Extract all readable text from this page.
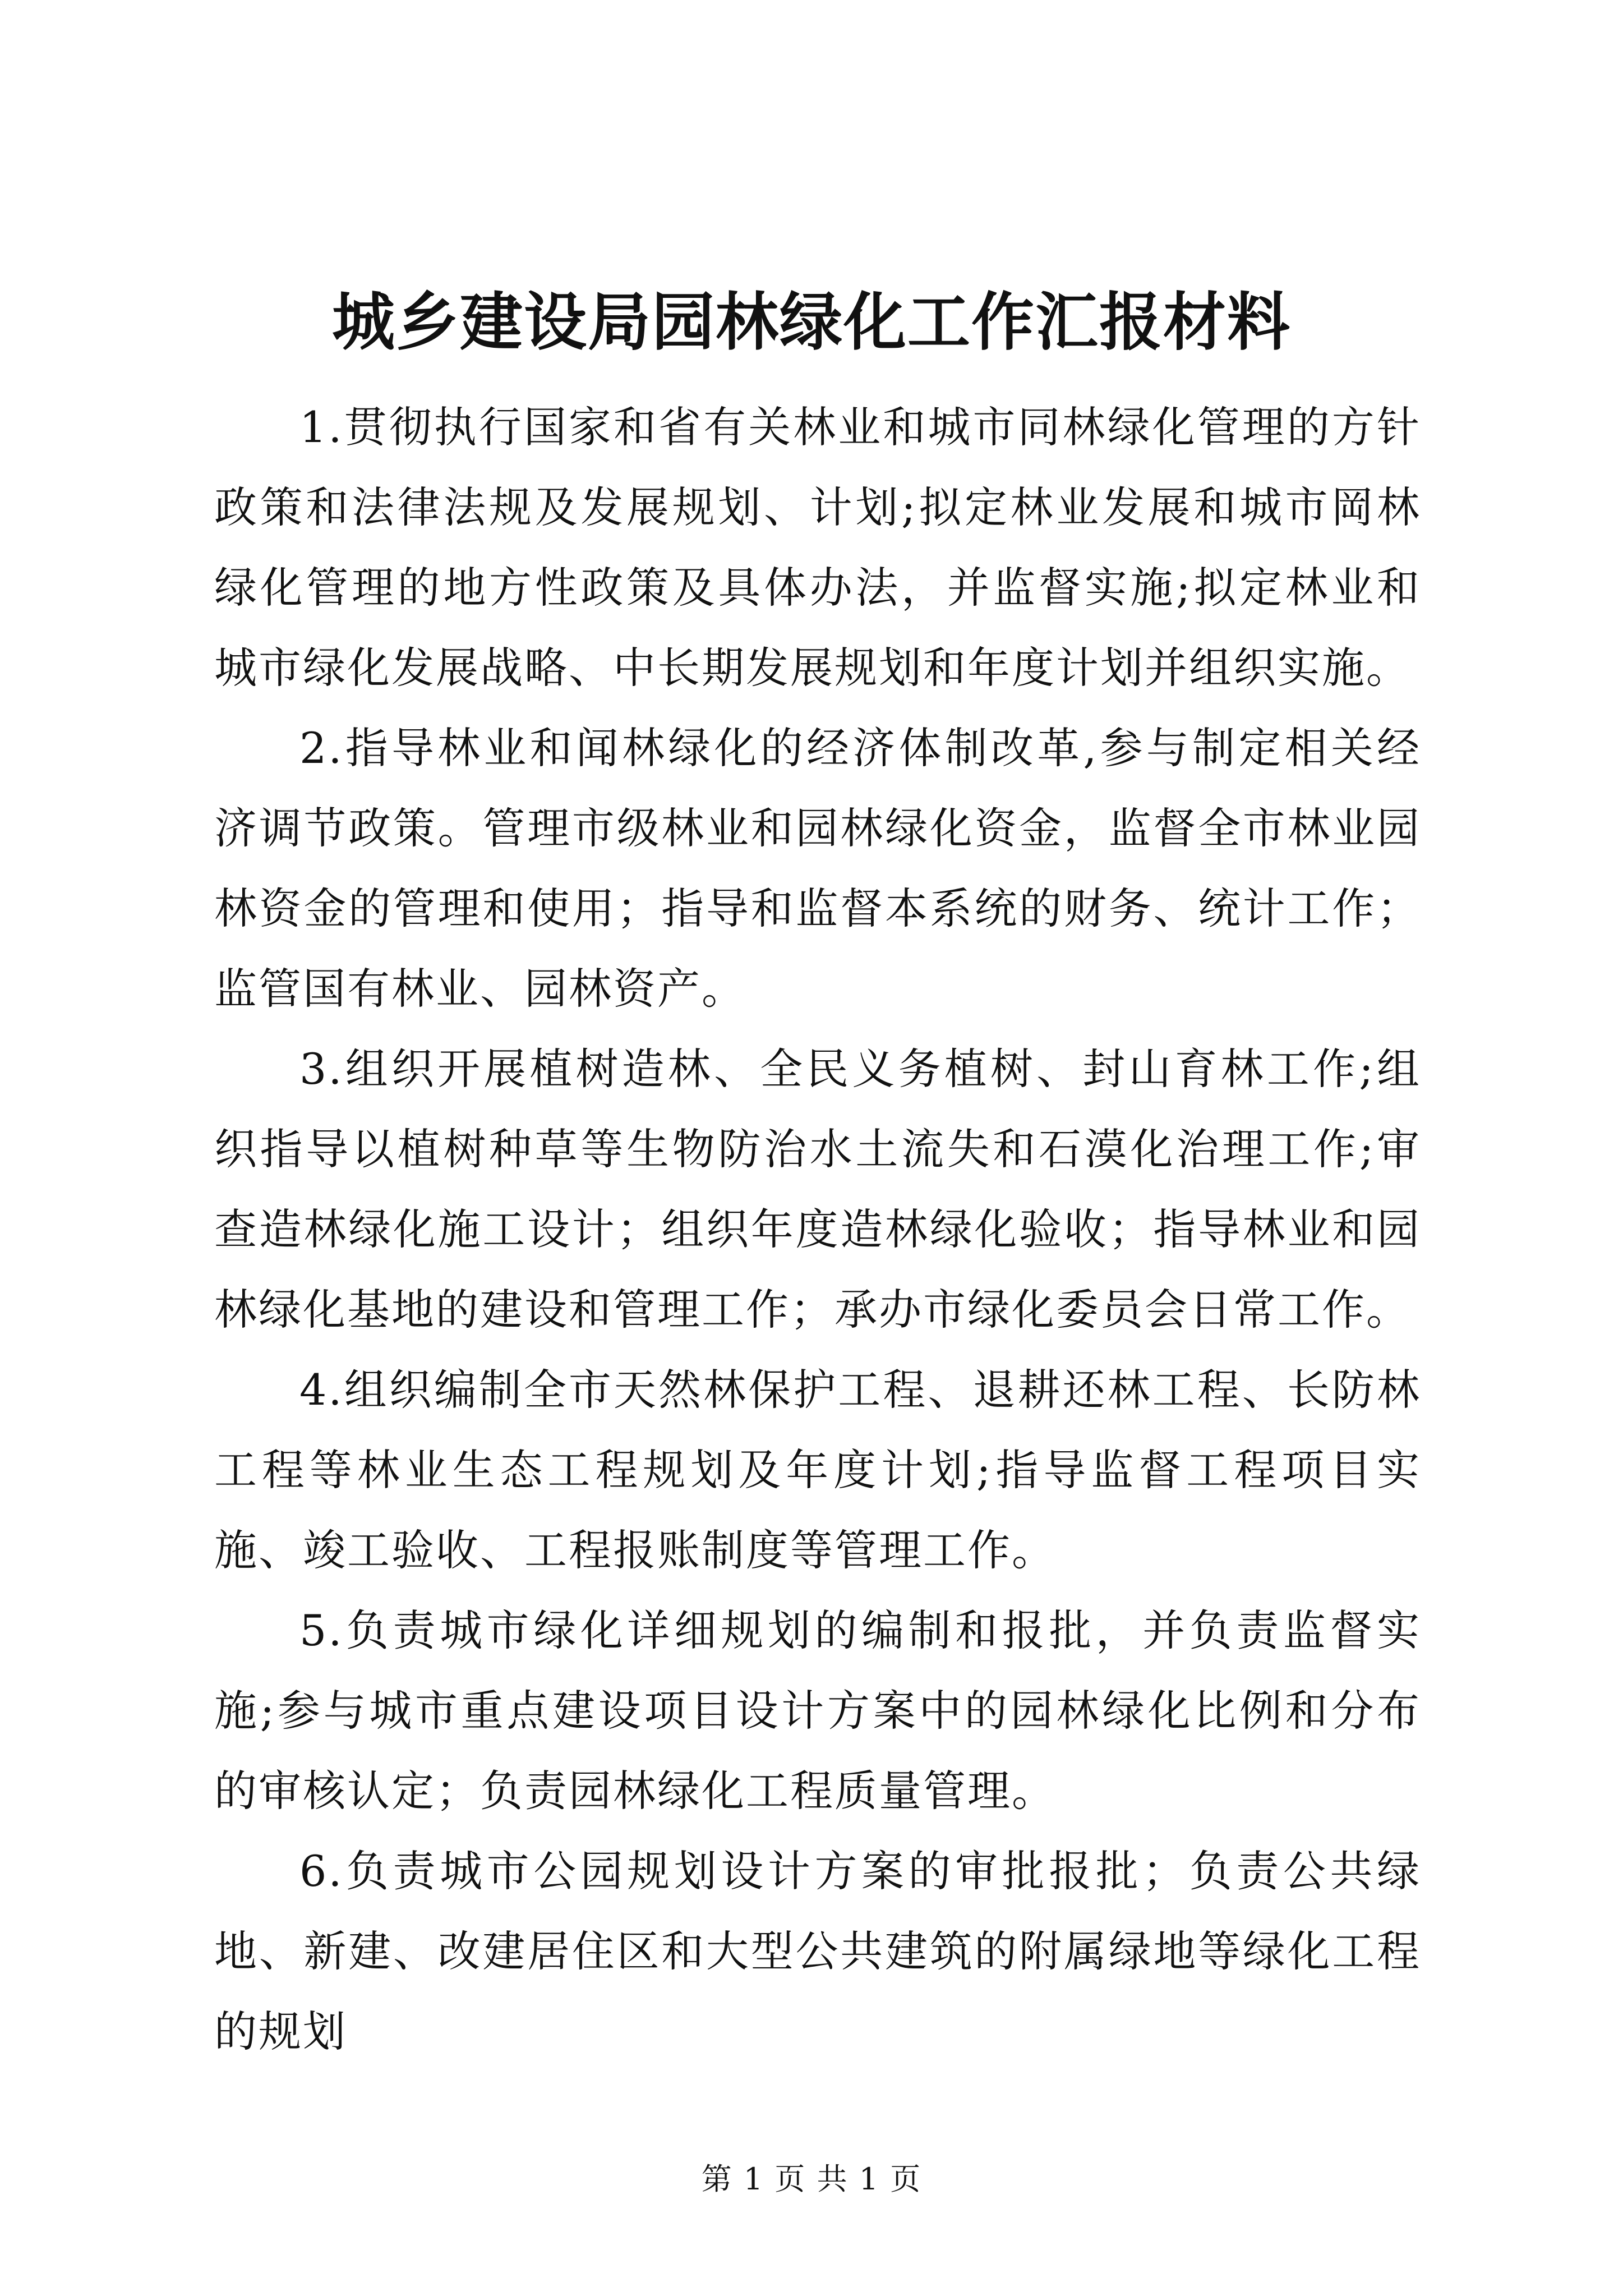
城乡建设局园林绿化工作汇报材料

1.贯彻执行国家和省有关林业和城市同林绿化管理的方针政策和法律法规及发展规划、计划;拟定林业发展和城市岡林绿化管理的地方性政策及具体办法，并监督实施;拟定林业和城市绿化发展战略、中长期发展规划和年度计划并组织实施。

2.指导林业和闻林绿化的经济体制改革,参与制定相关经济调节政策。管理市级林业和园林绿化资金，监督全市林业园林资金的管理和使用；指导和监督本系统的财务、统计工作；监管国有林业、园林资产。

3.组织开展植树造林、全民义务植树、封山育林工作;组织指导以植树种草等生物防治水土流失和石漠化治理工作;审查造林绿化施工设计；组织年度造林绿化验收；指导林业和园林绿化基地的建设和管理工作；承办市绿化委员会日常工作。

4.组织编制全市天然林保护工程、退耕还林工程、长防林工程等林业生态工程规划及年度计划;指导监督工程项目实施、竣工验收、工程报账制度等管理工作。

5.负责城市绿化详细规划的编制和报批，并负责监督实施;参与城市重点建设项目设计方案中的园林绿化比例和分布的审核认定；负责园林绿化工程质量管理。

6.负责城市公园规划设计方案的审批报批；负责公共绿地、新建、改建居住区和大型公共建筑的附属绿地等绿化工程的规划

第 1 页 共 1 页
